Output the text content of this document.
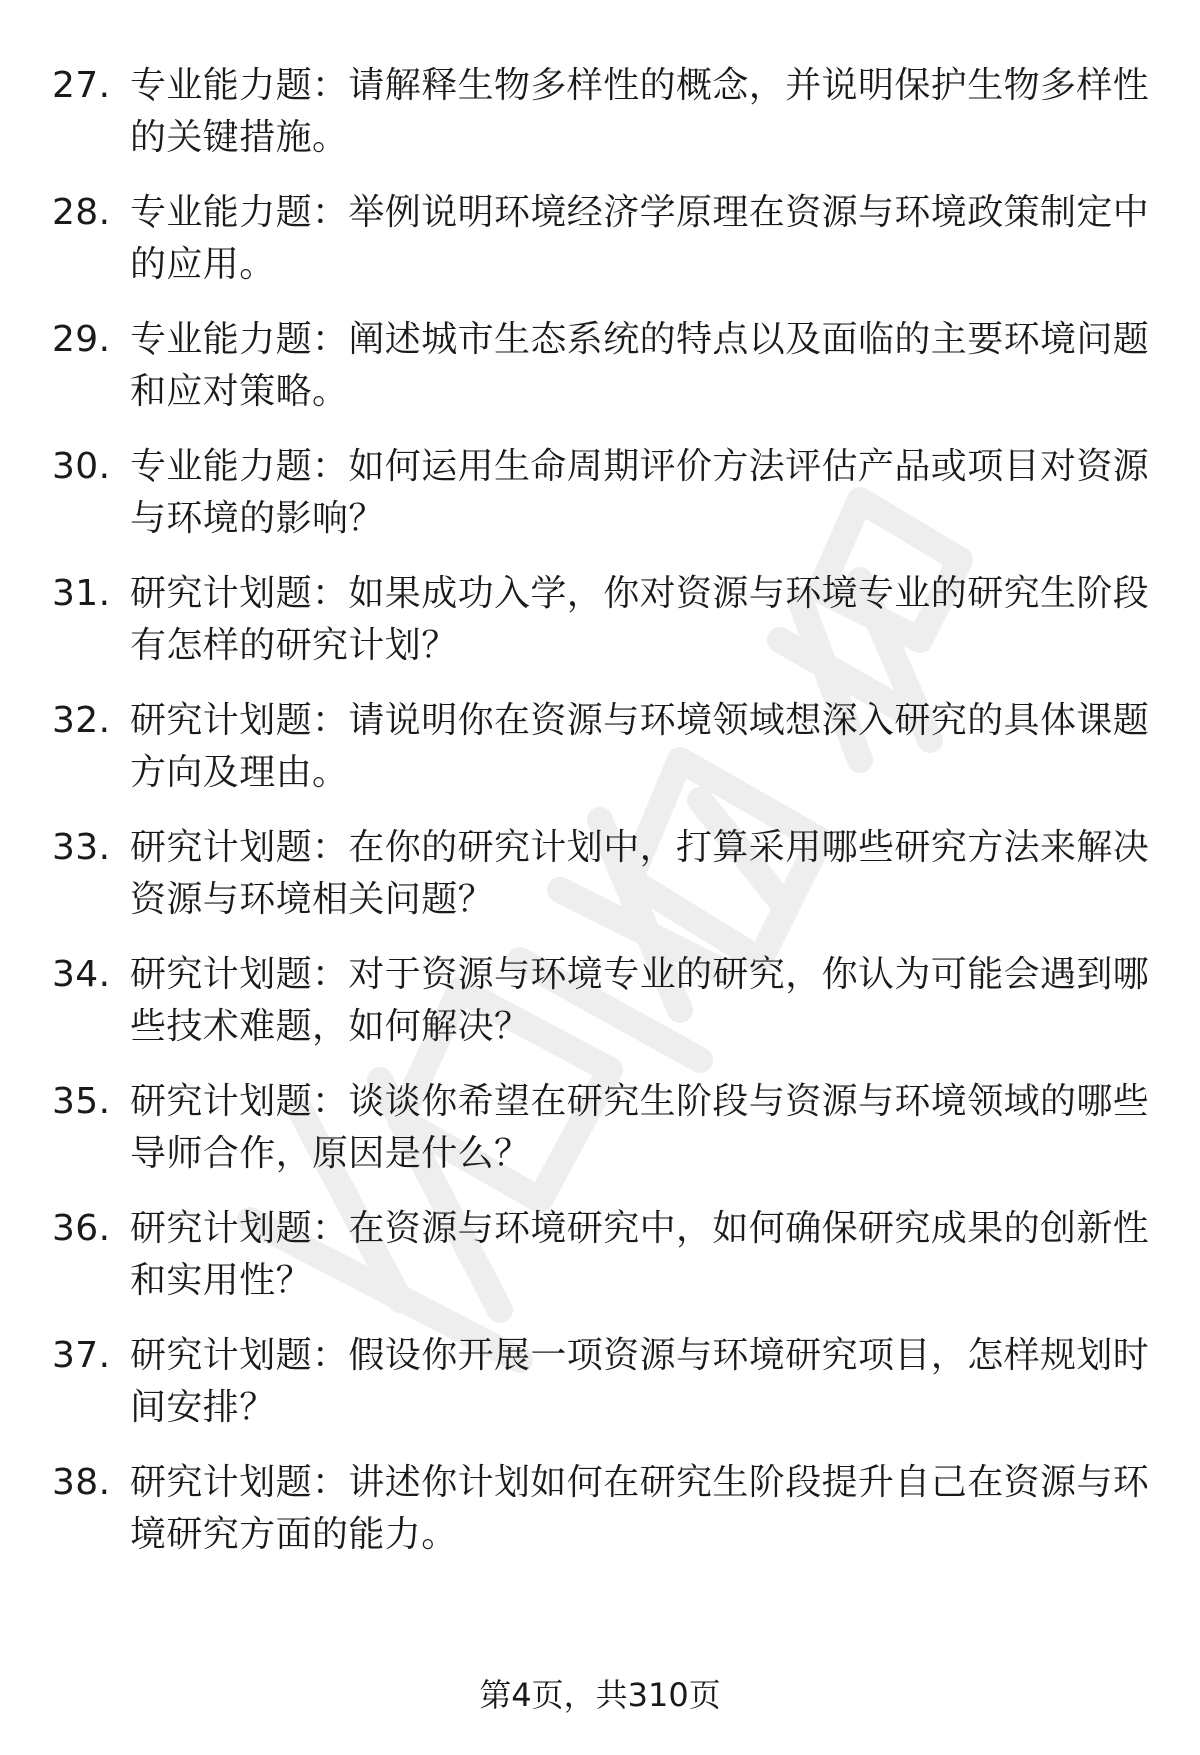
27. 专业能力题：请解释生物多样性的概念，并说明保护生物多样性的关键措施。
28. 专业能力题：举例说明环境经济学原理在资源与环境政策制定中的应用。
29. 专业能力题：阐述城市生态系统的特点以及面临的主要环境问题和应对策略。
30. 专业能力题：如何运用生命周期评价方法评估产品或项目对资源与环境的影响？
31. 研究计划题：如果成功入学，你对资源与环境专业的研究生阶段有怎样的研究计划？
32. 研究计划题：请说明你在资源与环境领域想深入研究的具体课题方向及理由。
33. 研究计划题：在你的研究计划中，打算采用哪些研究方法来解决资源与环境相关问题？
34. 研究计划题：对于资源与环境专业的研究，你认为可能会遇到哪些技术难题，如何解决？
35. 研究计划题：谈谈你希望在研究生阶段与资源与环境领域的哪些导师合作，原因是什么？
36. 研究计划题：在资源与环境研究中，如何确保研究成果的创新性和实用性？
37. 研究计划题：假设你开展一项资源与环境研究项目，怎样规划时间安排？
38. 研究计划题：讲述你计划如何在研究生阶段提升自己在资源与环境研究方面的能力。
第4页，共310页
